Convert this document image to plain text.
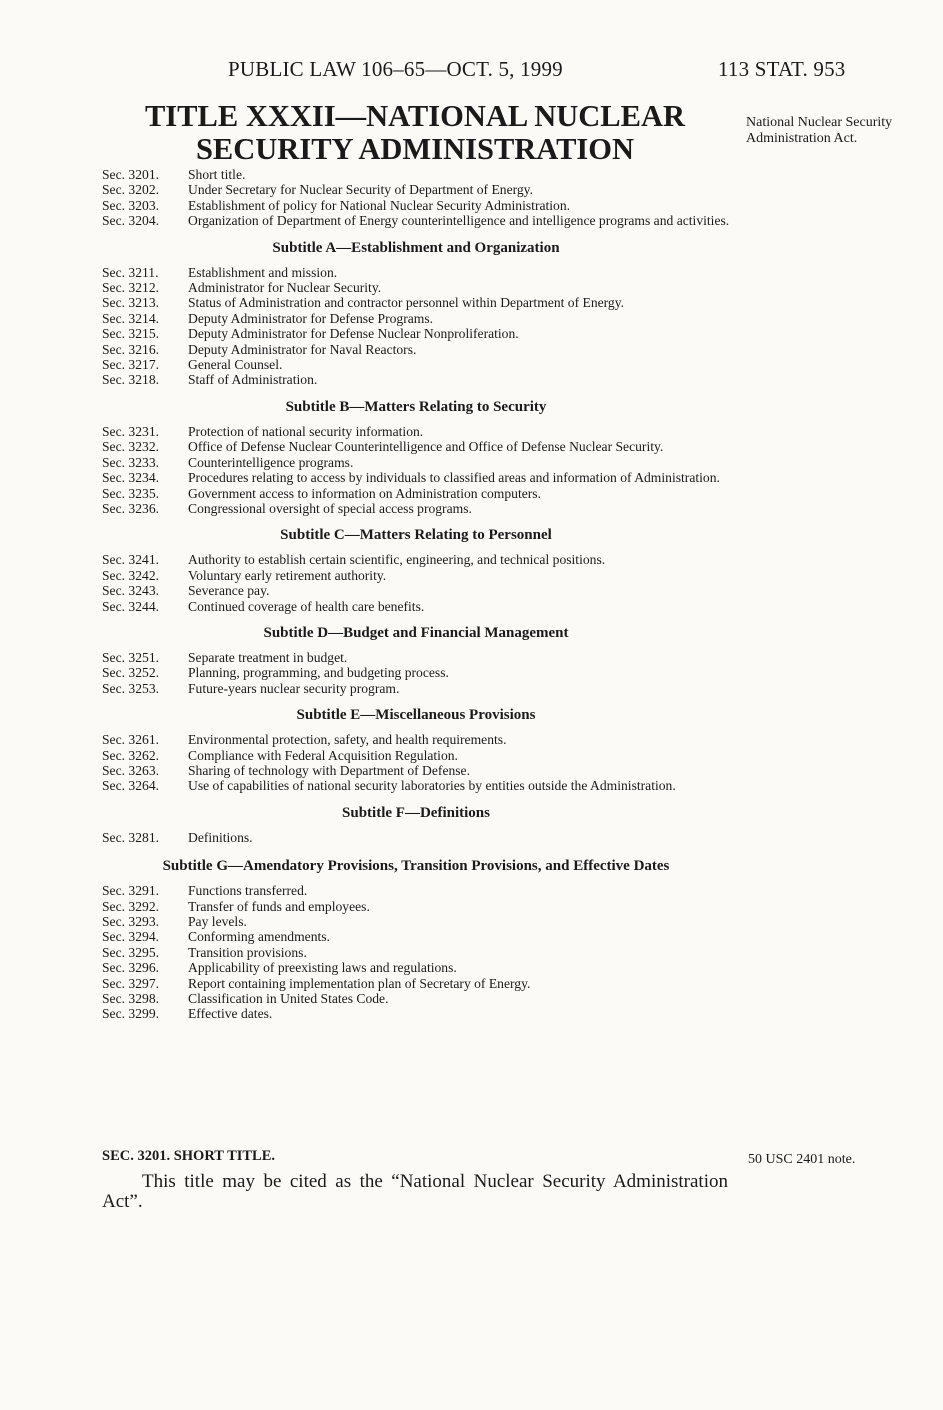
PUBLIC LAW 106–65—OCT. 5, 1999	113 STAT. 953
TITLE XXXII—NATIONAL NUCLEAR
SECURITY ADMINISTRATION
National Nuclear Security Administration Act.
Sec. 3201.	Short title.
Sec. 3202.	Under Secretary for Nuclear Security of Department of Energy.
Sec. 3203.	Establishment of policy for National Nuclear Security Administration.
Sec. 3204.	Organization of Department of Energy counterintelligence and intelligence programs and activities.
Subtitle A—Establishment and Organization
Sec. 3211.	Establishment and mission.
Sec. 3212.	Administrator for Nuclear Security.
Sec. 3213.	Status of Administration and contractor personnel within Department of Energy.
Sec. 3214.	Deputy Administrator for Defense Programs.
Sec. 3215.	Deputy Administrator for Defense Nuclear Nonproliferation.
Sec. 3216.	Deputy Administrator for Naval Reactors.
Sec. 3217.	General Counsel.
Sec. 3218.	Staff of Administration.
Subtitle B—Matters Relating to Security
Sec. 3231.	Protection of national security information.
Sec. 3232.	Office of Defense Nuclear Counterintelligence and Office of Defense Nuclear Security.
Sec. 3233.	Counterintelligence programs.
Sec. 3234.	Procedures relating to access by individuals to classified areas and information of Administration.
Sec. 3235.	Government access to information on Administration computers.
Sec. 3236.	Congressional oversight of special access programs.
Subtitle C—Matters Relating to Personnel
Sec. 3241.	Authority to establish certain scientific, engineering, and technical positions.
Sec. 3242.	Voluntary early retirement authority.
Sec. 3243.	Severance pay.
Sec. 3244.	Continued coverage of health care benefits.
Subtitle D—Budget and Financial Management
Sec. 3251.	Separate treatment in budget.
Sec. 3252.	Planning, programming, and budgeting process.
Sec. 3253.	Future-years nuclear security program.
Subtitle E—Miscellaneous Provisions
Sec. 3261.	Environmental protection, safety, and health requirements.
Sec. 3262.	Compliance with Federal Acquisition Regulation.
Sec. 3263.	Sharing of technology with Department of Defense.
Sec. 3264.	Use of capabilities of national security laboratories by entities outside the Administration.
Subtitle F—Definitions
Sec. 3281.	Definitions.
Subtitle G—Amendatory Provisions, Transition Provisions, and Effective Dates
Sec. 3291.	Functions transferred.
Sec. 3292.	Transfer of funds and employees.
Sec. 3293.	Pay levels.
Sec. 3294.	Conforming amendments.
Sec. 3295.	Transition provisions.
Sec. 3296.	Applicability of preexisting laws and regulations.
Sec. 3297.	Report containing implementation plan of Secretary of Energy.
Sec. 3298.	Classification in United States Code.
Sec. 3299.	Effective dates.
SEC. 3201. SHORT TITLE.	50 USC 2401 note.
This title may be cited as the “National Nuclear Security Administration Act”.
